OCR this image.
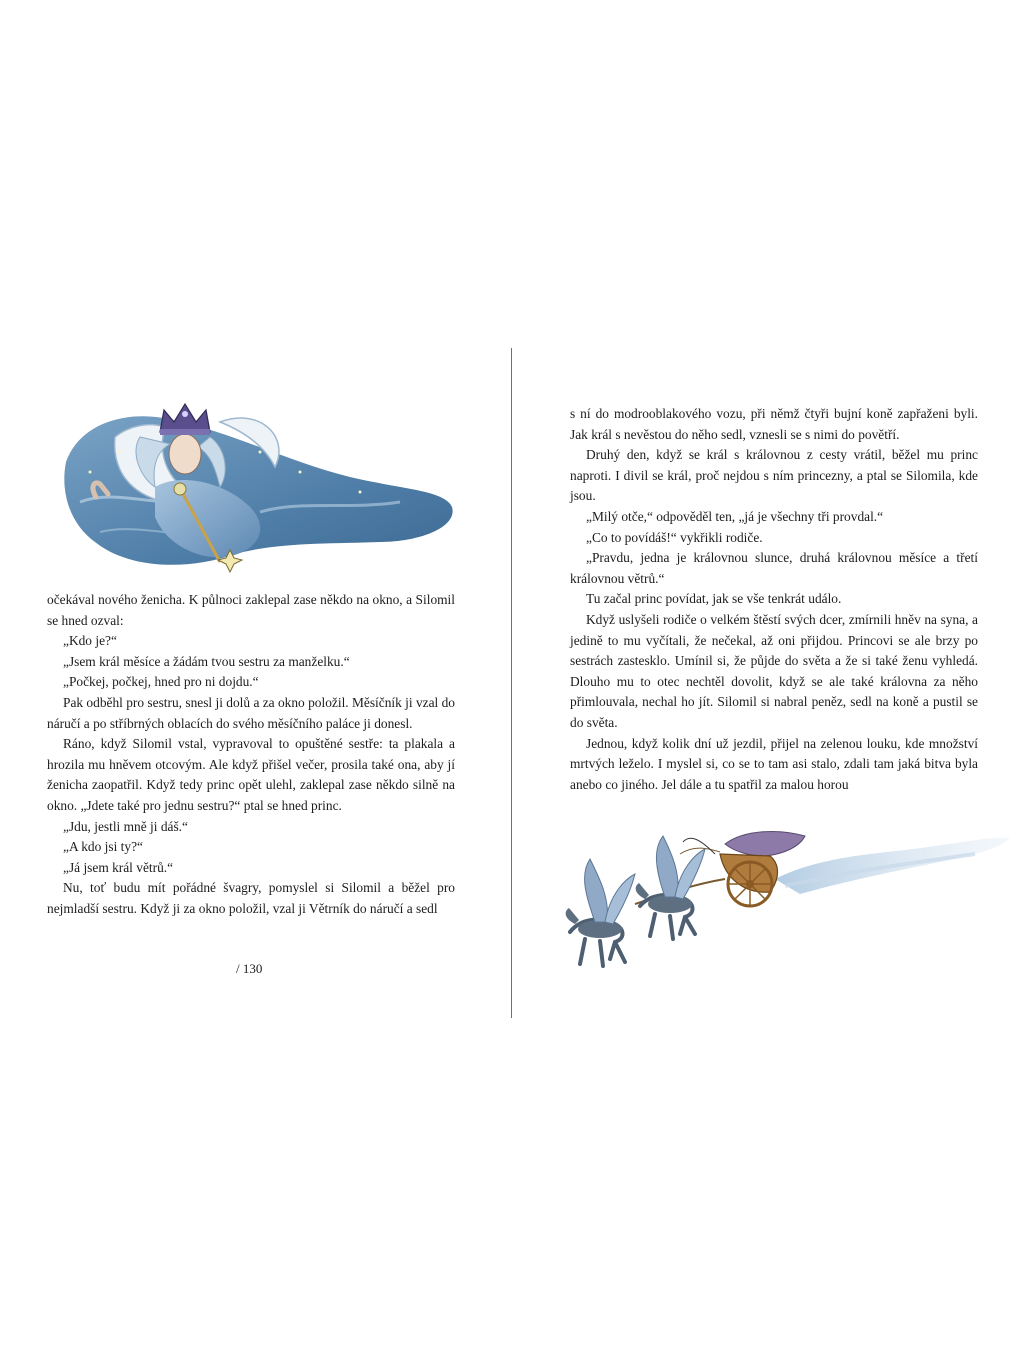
očekával nového ženicha. K půlnoci zaklepal zase někdo na okno, a Silomil se hned ozval:

„Kdo je?“

„Jsem král měsíce a žádám tvou sestru za manželku.“

„Počkej, počkej, hned pro ni dojdu.“

Pak odběhl pro sestru, snesl ji dolů a za okno položil. Měsíčník ji vzal do náručí a po stříbrných oblacích do svého měsíčního paláce ji donesl.

Ráno, když Silomil vstal, vypravoval to opuštěné sestře: ta plakala a hrozila mu hněvem otcovým. Ale když přišel večer, prosila také ona, aby jí ženicha zaopatřil. Když tedy princ opět ulehl, zaklepal zase někdo silně na okno. „Jdete také pro jednu sestru?“ ptal se hned princ.

„Jdu, jestli mně ji dáš.“

„A kdo jsi ty?“

„Já jsem král větrů.“

Nu, toť budu mít pořádné švagry, pomyslel si Silomil a běžel pro nejmladší sestru. Když ji za okno položil, vzal ji Větrník do náručí a sedl

/ 130

s ní do modrooblakového vozu, při němž čtyři bujní koně zapřaženi byli. Jak král s nevěstou do něho sedl, vznesli se s nimi do povětří.

Druhý den, když se král s královnou z cesty vrátil, běžel mu princ naproti. I divil se král, proč nejdou s ním princezny, a ptal se Silomila, kde jsou.

„Milý otče,“ odpověděl ten, „já je všechny tři provdal.“

„Co to povídáš!“ vykřikli rodiče.

„Pravdu, jedna je královnou slunce, druhá královnou měsíce a třetí královnou větrů.“

Tu začal princ povídat, jak se vše tenkrát událo.

Když uslyšeli rodiče o velkém štěstí svých dcer, zmírnili hněv na syna, a jedině to mu vyčítali, že nečekal, až oni přijdou. Princovi se ale brzy po sestrách zastesklo. Umínil si, že půjde do světa a že si také ženu vyhledá. Dlouho mu to otec nechtěl dovolit, když se ale také královna za něho přimlouvala, nechal ho jít. Silomil si nabral peněz, sedl na koně a pustil se do světa.

Jednou, když kolik dní už jezdil, přijel na zelenou louku, kde množství mrtvých leželo. I myslel si, co se to tam asi stalo, zdali tam jaká bitva byla anebo co jiného. Jel dále a tu spatřil za malou horou
